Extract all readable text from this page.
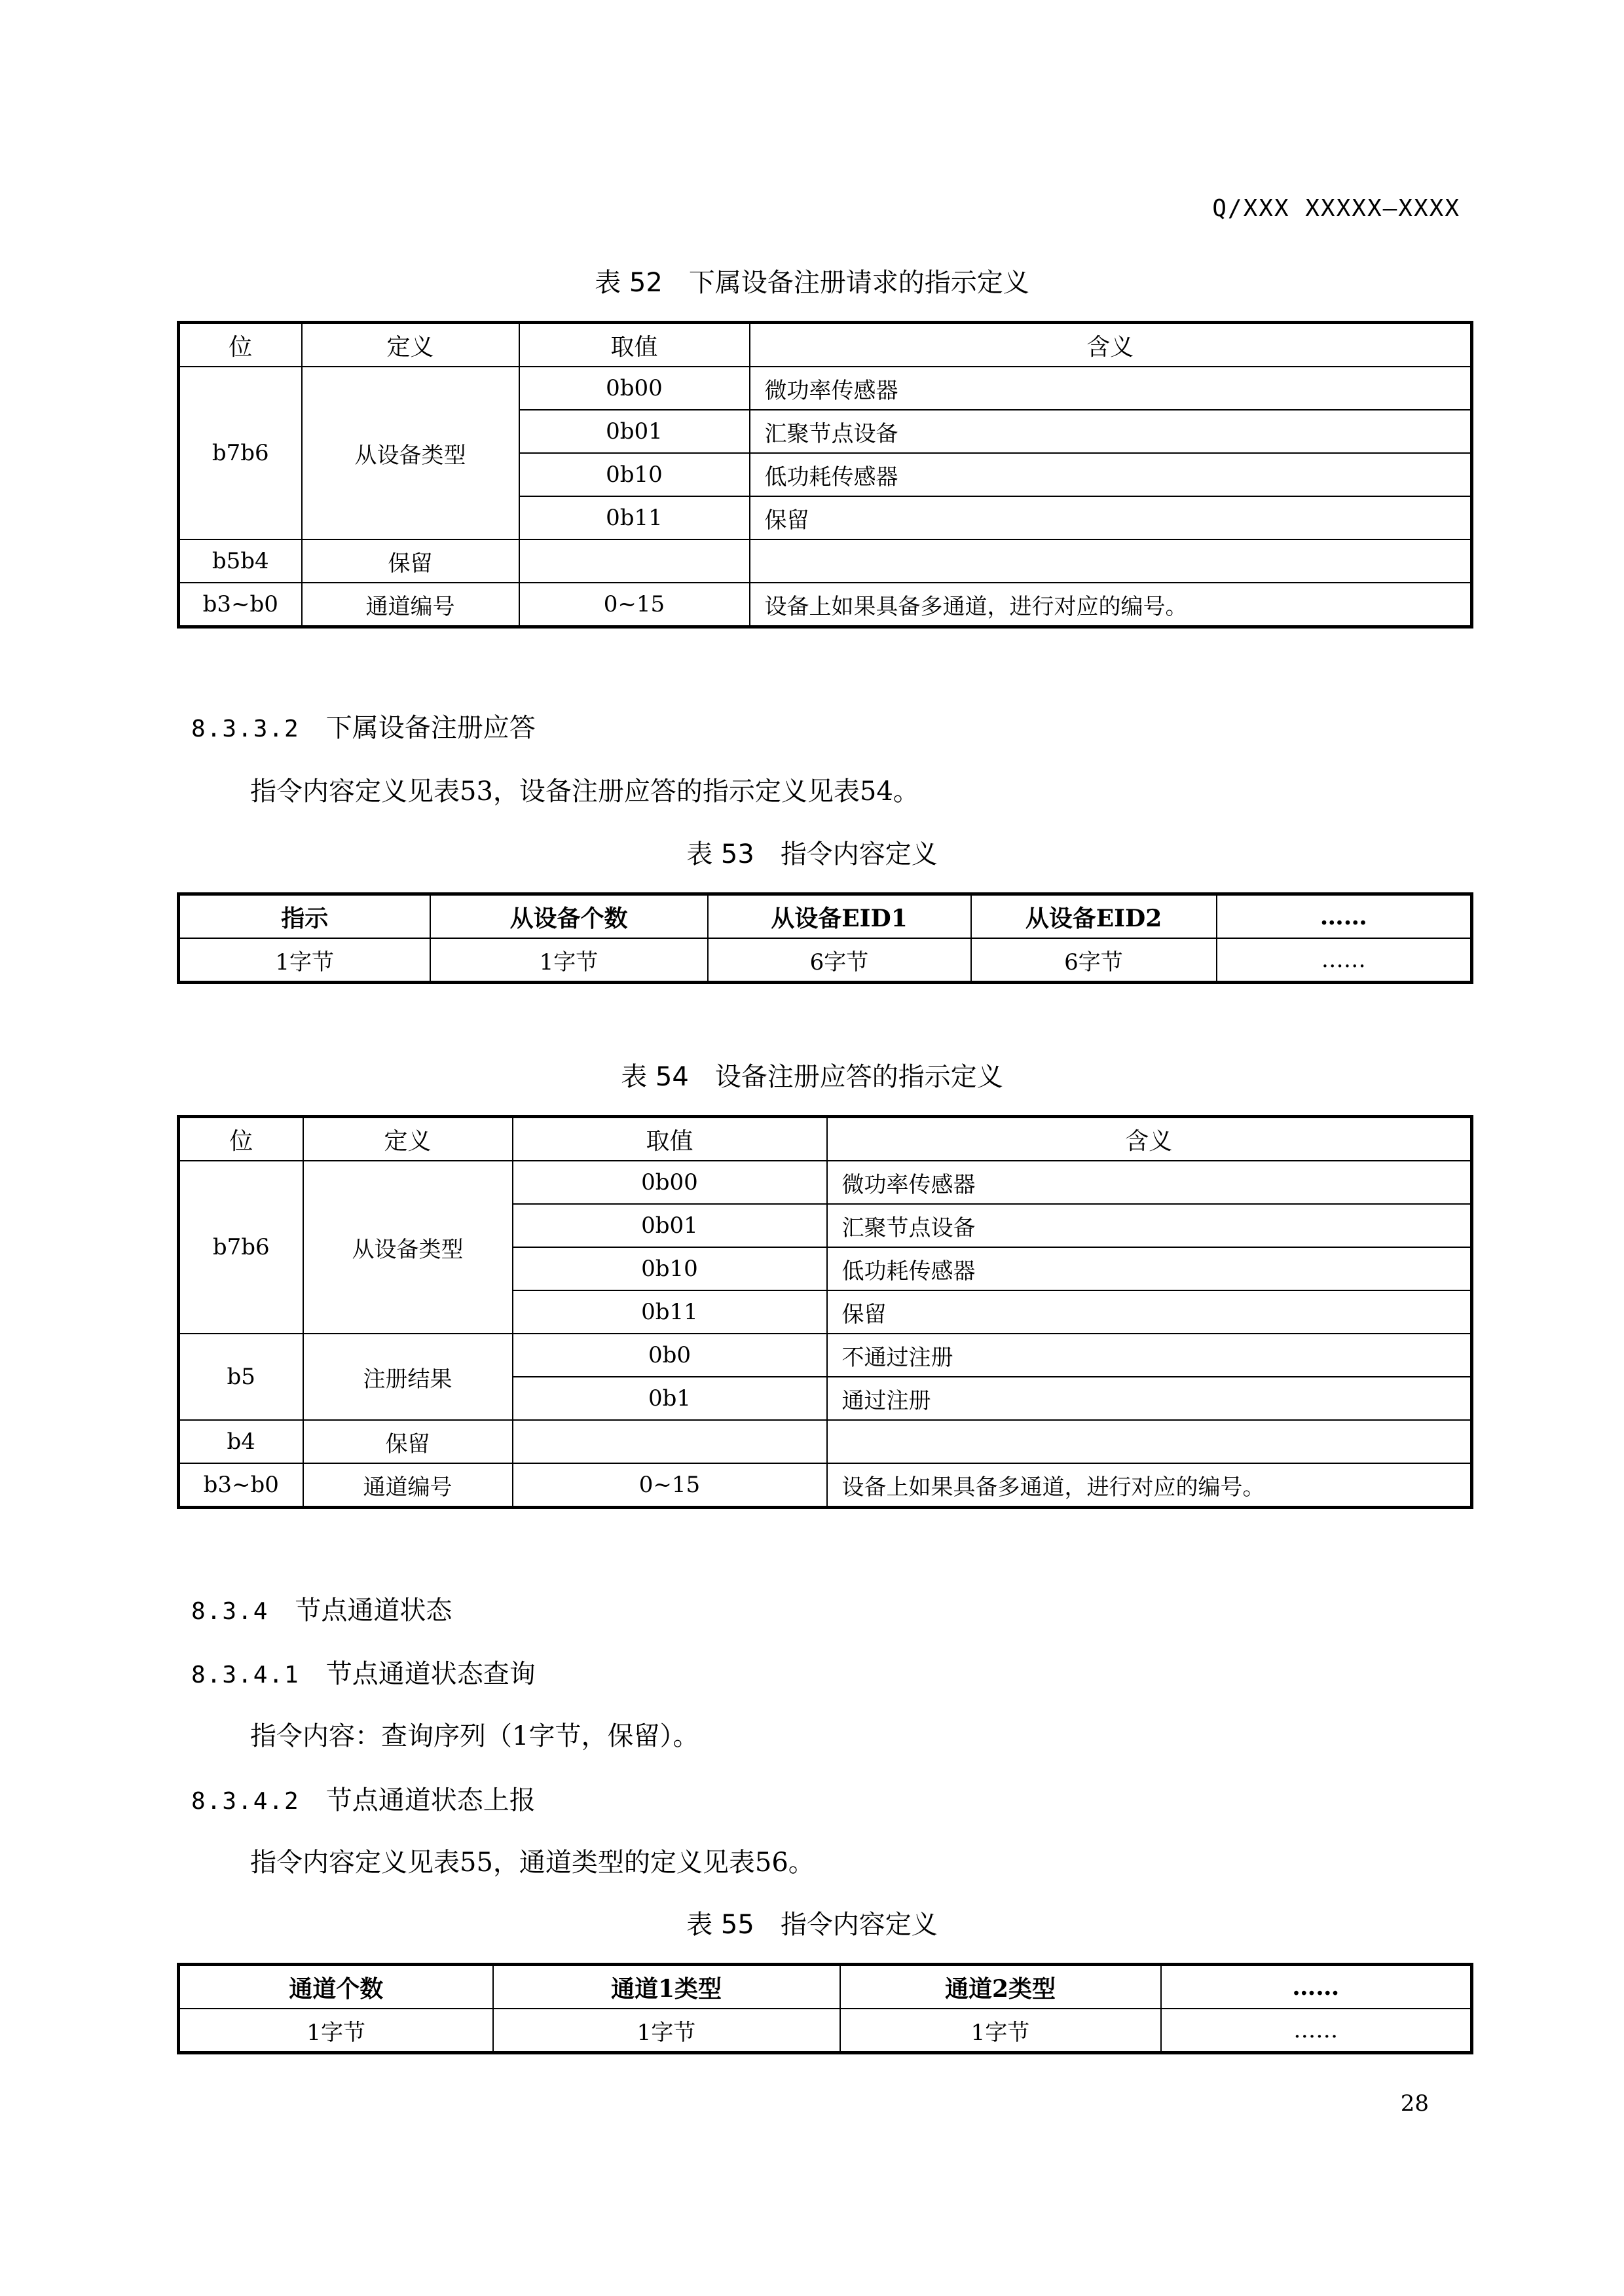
Q/XXX XXXXX—XXXX
表 52 下属设备注册请求的指示定义
位	定义	取值	含义
b7b6	从设备类型	0b00	微功率传感器
		0b01	汇聚节点设备
		0b10	低功耗传感器
		0b11	保留
b5b4	保留		
b3~b0	通道编号	0~15	设备上如果具备多通道，进行对应的编号。
8.3.3.2 下属设备注册应答
指令内容定义见表53，设备注册应答的指示定义见表54。
表 53 指令内容定义
指示	从设备个数	从设备EID1	从设备EID2	……
1字节	1字节	6字节	6字节	……
表 54 设备注册应答的指示定义
位	定义	取值	含义
b7b6	从设备类型	0b00	微功率传感器
		0b01	汇聚节点设备
		0b10	低功耗传感器
		0b11	保留
b5	注册结果	0b0	不通过注册
		0b1	通过注册
b4	保留		
b3~b0	通道编号	0~15	设备上如果具备多通道，进行对应的编号。
8.3.4 节点通道状态
8.3.4.1 节点通道状态查询
指令内容：查询序列（1字节，保留）。
8.3.4.2 节点通道状态上报
指令内容定义见表55，通道类型的定义见表56。
表 55 指令内容定义
通道个数	通道1类型	通道2类型	……
1字节	1字节	1字节	……
28
